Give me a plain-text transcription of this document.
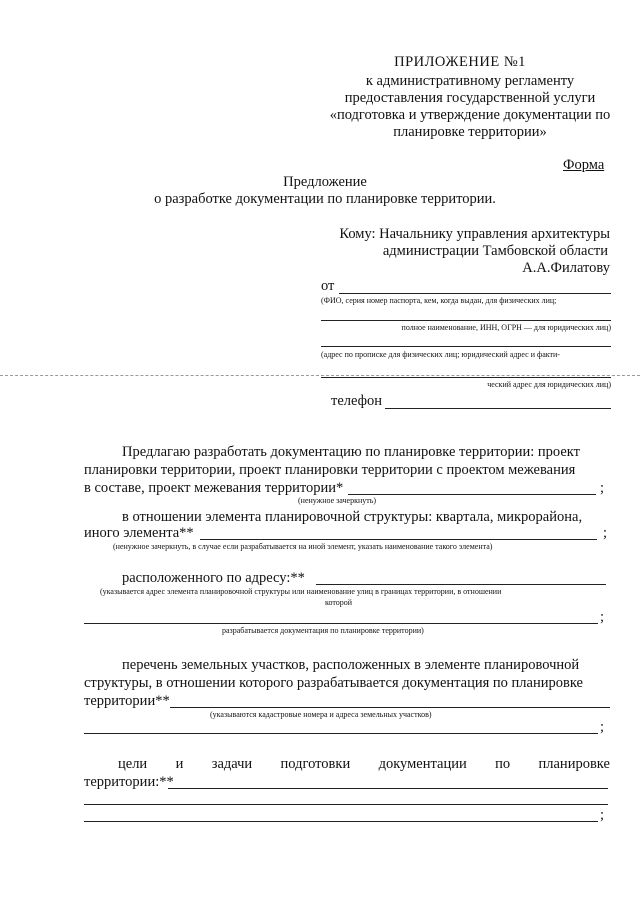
ПРИЛОЖЕНИЕ №1
к административному регламенту
предоставления государственной услуги
«подготовка и утверждение документации по
планировке территории»
Форма
Предложение
о разработке документации по планировке территории.
Кому: Начальнику управления архитектуры
администрации Тамбовской области
А.А.Филатову
от
(ФИО, серия номер паспорта, кем, когда выдан, для физических лиц;
полное наименование, ИНН, ОГРН — для юридических лиц)
(адрес по прописке для физических лиц; юридический адрес и факти-
ческий адрес для юридических лиц)
телефон
Предлагаю разработать документацию по планировке территории: проект
планировки территории, проект планировки территории с проектом межевания
в составе, проект межевания территории*	;
(ненужное зачеркнуть)
в отношении элемента планировочной структуры: квартала, микрорайона,
иного элемента**	;
(ненужное зачеркнуть, в случае если разрабатывается на иной элемент, указать наименование такого элемента)
расположенного по адресу:**
(указывается адрес элемента планировочной структуры или наименование улиц в границах территории, в отношении
которой
;
разрабатывается документация по планировке территории)
перечень земельных участков, расположенных в элементе планировочной
структуры, в отношении которого разрабатывается документация по планировке
территории**
(указываются кадастровые номера и адреса земельных участков)
;
цели и задачи подготовки документации по планировке
территории:**
;
